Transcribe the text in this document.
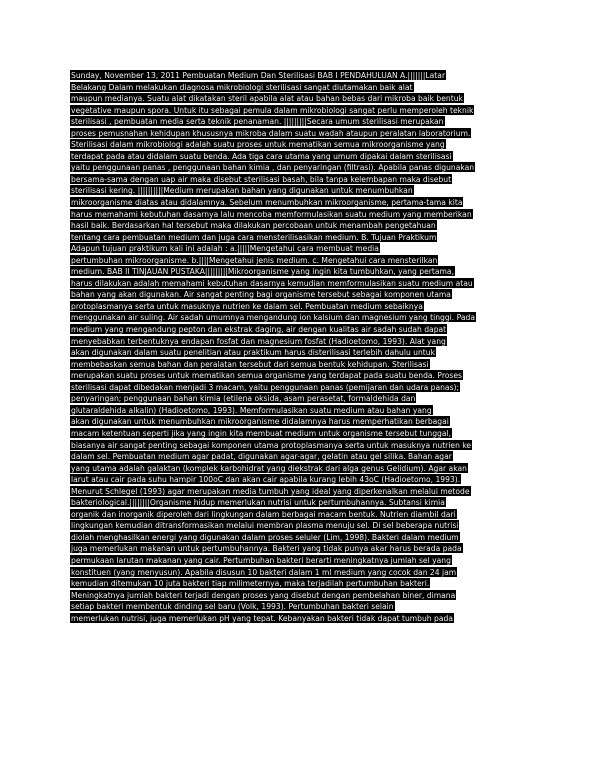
Sunday, November 13, 2011 Pembuatan Medium Dan Sterilisasi BAB I PENDAHULUAN A.|||||||Latar
Belakang Dalam melakukan diagnosa mikrobiologi sterilisasi sangat diutamakan baik alat
maupun medianya. Suatu alat dikatakan steril apabila alat atau bahan bebas dari mikroba baik bentuk
vegetative maupun spora. Untuk itu sebagai pemula dalam mikrobiologi sangat perlu memperoleh teknik
sterilisasi , pembuatan media serta teknik penanaman. |||||||||Secara umum sterilisasi merupakan
proses pemusnahan kehidupan khususnya mikroba dalam suatu wadah ataupun peralatan laboratorium.
Sterilisasi dalam mikrobiologi adalah suatu proses untuk mematikan semua mikroorganisme yang
terdapat pada atau didalam suatu benda. Ada tiga cara utama yang umum dipakai dalam sterilisasi
yaitu penggunaan panas , penggunaan bahan kimia , dan penyaringan (filtrasi). Apabila panas digunakan
bersama-sama dengan uap air maka disebut sterilisasi basah, bila tanpa kelembapan maka disebut
sterilisasi kering. ||||||||||Medium merupakan bahan yang digunakan untuk menumbuhkan
mikroorganisme diatas atau didalamnya. Sebelum menumbuhkan mikroorganisme, pertama-tama kita
harus memahami kebutuhan dasarnya lalu mencoba memformulasikan suatu medium yang memberikan
hasil baik. Berdasarkan hal tersebut maka dilakukan percobaan untuk menambah pengetahuan
tentang cara pembuatan medium dan juga cara mensterilisasikan medium. B. Tujuan Praktikum
Adapun tujuan praktikum kali ini adalah : a.|||||Mengetahui cara membuat media
pertumbuhan mikroorganisme. b.||||Mengetahui jenis medium. c. Mengetahui cara mensterilkan
medium. BAB II TINJAUAN PUSTAKA|||||||||Mikroorganisme yang ingin kita tumbuhkan, yang pertama,
harus dilakukan adalah memahami kebutuhan dasarnya kemudian memformulasikan suatu medium atau
bahan yang akan digunakan. Air sangat penting bagi organisme tersebut sebagai komponen utama
protoplasmanya serta untuk masuknya nutrien ke dalam sel. Pembuatan medium sebaiknya
menggunakan air suling. Air sadah umumnya mengandung ion kalsium dan magnesium yang tinggi. Pada
medium yang mengandung pepton dan ekstrak daging, air dengan kualitas air sadah sudah dapat
menyebabkan terbentuknya endapan fosfat dan magnesium fosfat (Hadioetomo, 1993). Alat yang
akan digunakan dalam suatu penelitian atau praktikum harus disterilisasi terlebih dahulu untuk
membebaskan semua bahan dan peralatan tersebut dari semua bentuk kehidupan. Sterilisasi
merupakan suatu proses untuk mematikan semua organisme yang terdapat pada suatu benda. Proses
sterilisasi dapat dibedakan menjadi 3 macam, yaitu penggunaan panas (pemijaran dan udara panas);
penyaringan; penggunaan bahan kimia (etilena oksida, asam perasetat, formaldehida dan
glutaraldehida alkalin) (Hadioetomo, 1993). Memformulasikan suatu medium atau bahan yang
akan digunakan untuk menumbuhkan mikroorganisme didalamnya harus memperhatikan berbagai
macam ketentuan seperti jika yang ingin kita membuat medium untuk organisme tersebut tunggal,
biasanya air sangat penting sebagai komponen utama protoplasmanya serta untuk masuknya nutrien ke
dalam sel. Pembuatan medium agar padat, digunakan agar-agar, gelatin atau gel silika. Bahan agar
yang utama adalah galaktan (komplek karbohidrat yang diekstrak dari alga genus Gelidium). Agar akan
larut atau cair pada suhu hampir 100oC dan akan cair apabila kurang lebih 43oC (Hadioetomo, 1993).
Menurut Schlegel (1993) agar merupakan media tumbuh yang ideal yang diperkenalkan melalui metode
bakteriological.||||||||Organisme hidup memerlukan nutrisi untuk pertumbuhannya. Subtansi kimia
organik dan inorganik diperoleh dari lingkungan dalam berbagai macam bentuk. Nutrien diambil dari
lingkungan kemudian ditransformasikan melalui membran plasma menuju sel. Di sel beberapa nutrisi
diolah menghasilkan energi yang digunakan dalam proses seluler (Lim, 1998). Bakteri dalam medium
juga memerlukan makanan untuk pertumbuhannya. Bakteri yang tidak punya akar harus berada pada
permukaan larutan makanan yang cair. Pertumbuhan bakteri berarti meningkatnya jumlah sel yang
konstituen (yang menyusun). Apabila disusun 10 bakteri dalam 1 ml medium yang cocok dan 24 jam
kemudian ditemukan 10 juta bakteri tiap milimeternya, maka terjadilah pertumbuhan bakteri.
Meningkatnya jumlah bakteri terjadi dengan proses yang disebut dengan pembelahan biner, dimana
setiap bakteri membentuk dinding sel baru (Volk, 1993). Pertumbuhan bakteri selain
memerlukan nutrisi, juga memerlukan pH yang tepat. Kebanyakan bakteri tidak dapat tumbuh pada
